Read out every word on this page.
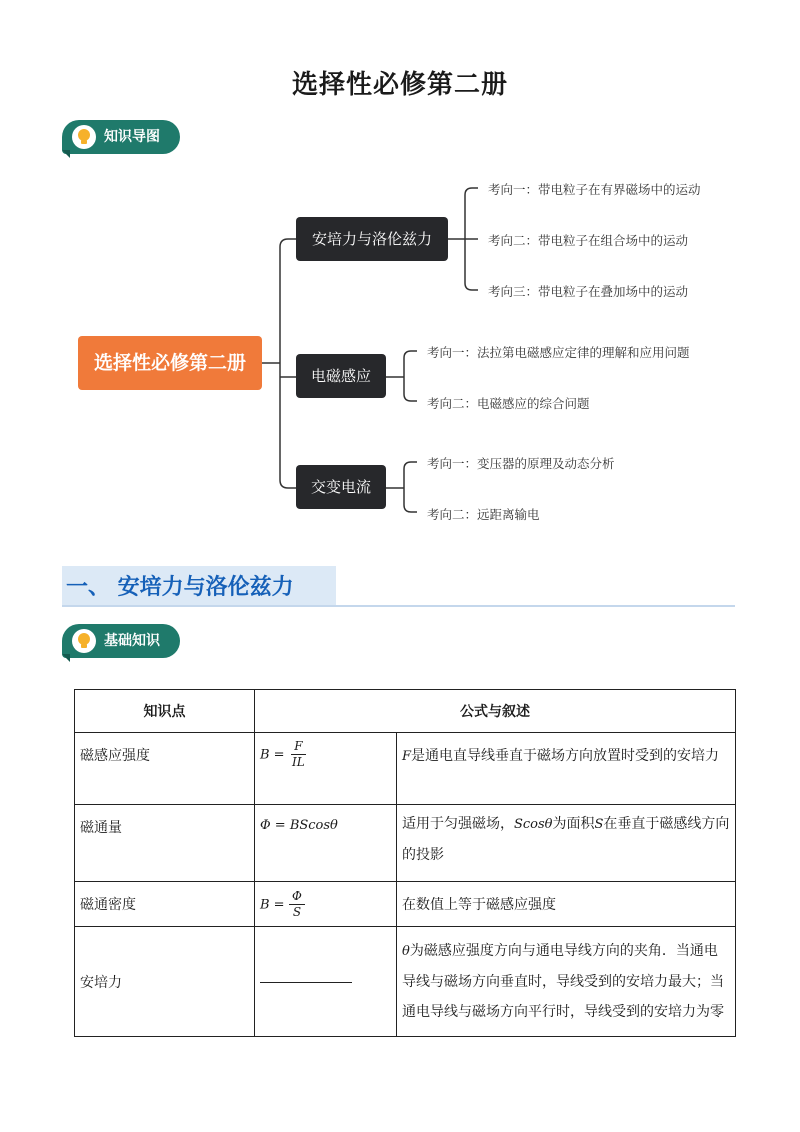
选择性必修第二册
知识导图
选择性必修第二册
安培力与洛伦兹力
考向一：带电粒子在有界磁场中的运动
考向二：带电粒子在组合场中的运动
考向三：带电粒子在叠加场中的运动
电磁感应
考向一：法拉第电磁感应定律的理解和应用问题
考向二：电磁感应的综合问题
交变电流
考向一：变压器的原理及动态分析
考向二：远距离输电
一、 安培力与洛伦兹力
基础知识
知识点	公式与叙述	
磁感应强度	$B = \frac{F}{IL}$	F是通电直导线垂直于磁场方向放置时受到的安培力
磁通量	Φ = BScosθ	适用于匀强磁场，Scosθ为面积S在垂直于磁感线方向的投影
磁通密度	$B = \frac{\Phi}{S}$	在数值上等于磁感应强度
安培力		θ为磁感应强度方向与通电导线方向的夹角．当通电导线与磁场方向垂直时，导线受到的安培力最大；当通电导线与磁场方向平行时，导线受到的安培力为零
